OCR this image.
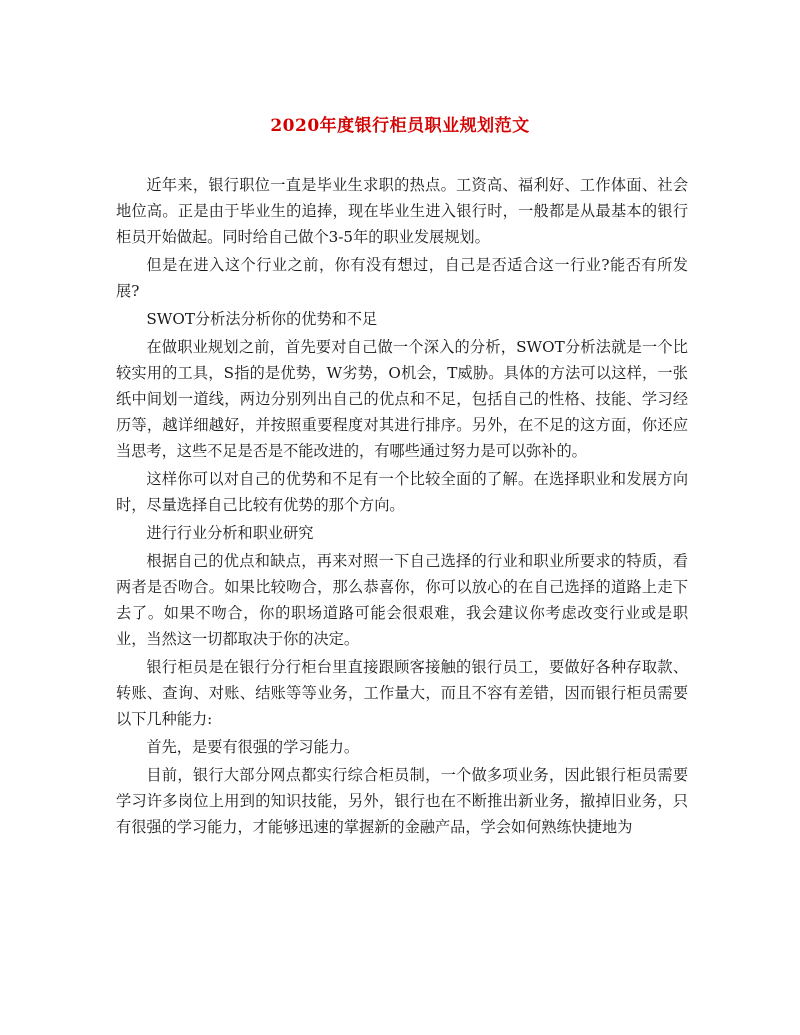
2020年度银行柜员职业规划范文

近年来，银行职位一直是毕业生求职的热点。工资高、福利好、工作体面、社会地位高。正是由于毕业生的追捧，现在毕业生进入银行时，一般都是从最基本的银行柜员开始做起。同时给自己做个3-5年的职业发展规划。

但是在进入这个行业之前，你有没有想过，自己是否适合这一行业?能否有所发展?

SWOT分析法分析你的优势和不足

在做职业规划之前，首先要对自己做一个深入的分析，SWOT分析法就是一个比较实用的工具，S指的是优势，W劣势，O机会，T威胁。具体的方法可以这样，一张纸中间划一道线，两边分别列出自己的优点和不足，包括自己的性格、技能、学习经历等，越详细越好，并按照重要程度对其进行排序。另外，在不足的这方面，你还应当思考，这些不足是否是不能改进的，有哪些通过努力是可以弥补的。

这样你可以对自己的优势和不足有一个比较全面的了解。在选择职业和发展方向时，尽量选择自己比较有优势的那个方向。

进行行业分析和职业研究

根据自己的优点和缺点，再来对照一下自己选择的行业和职业所要求的特质，看两者是否吻合。如果比较吻合，那么恭喜你，你可以放心的在自己选择的道路上走下去了。如果不吻合，你的职场道路可能会很艰难，我会建议你考虑改变行业或是职业，当然这一切都取决于你的决定。

银行柜员是在银行分行柜台里直接跟顾客接触的银行员工，要做好各种存取款、转账、查询、对账、结账等等业务，工作量大，而且不容有差错，因而银行柜员需要以下几种能力:

首先，是要有很强的学习能力。

目前，银行大部分网点都实行综合柜员制，一个做多项业务，因此银行柜员需要学习许多岗位上用到的知识技能，另外，银行也在不断推出新业务，撤掉旧业务，只有很强的学习能力，才能够迅速的掌握新的金融产品，学会如何熟练快捷地为
